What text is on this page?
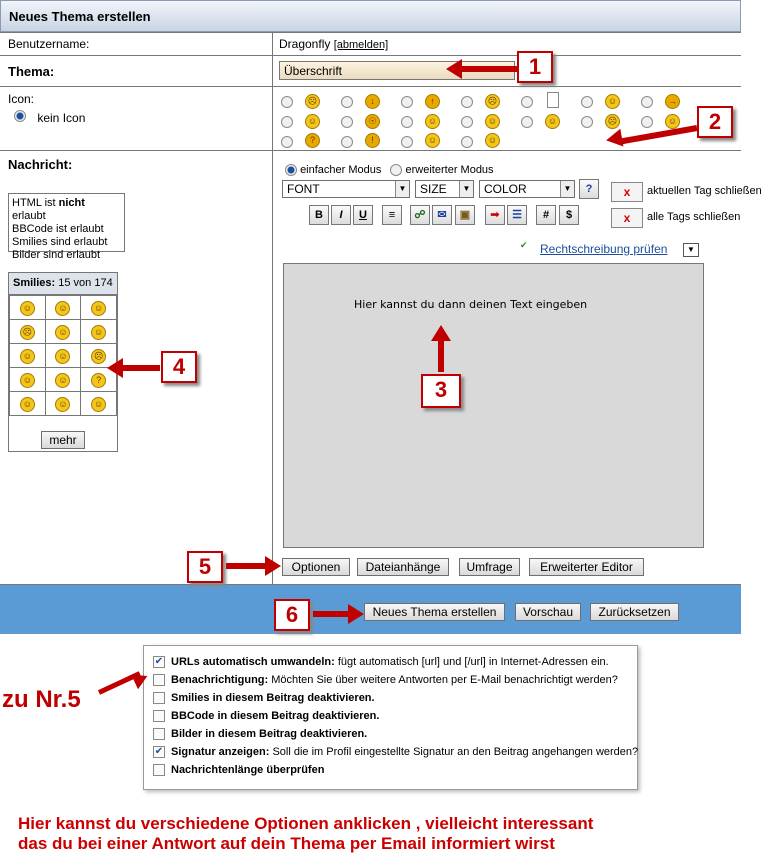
Neues Thema erstellen
Benutzername:	Dragonfly [abmelden]
Thema:	Überschrift
Icon:
kein Icon
☹	↓	↑	☹	☺	→
☺	☉	☺	☺	☺	☹	☺
?	!	☺	☺
Nachricht:
HTML ist nicht erlaubt
BBCode ist erlaubt
Smilies sind erlaubt
Bilder sind erlaubt
Smilies: 15 von 174
☺	☺	☺
☹	☺	☺
☺	☺	☹
☺	☺	?
☺	☺	☺
mehr
einfacher Modus erweiterter Modus
FONT	▼	SIZE	▼	COLOR	▼	?	x	aktuellen Tag schließen
x	alle Tags schließen
B	I	U	≡	☍	✉	▣	➟	☰	#	$
✔ Rechtschreibung prüfen	▼
Hier kannst du dann deinen Text eingeben
Optionen	Dateianhänge	Umfrage	Erweiterter Editor
Neues Thema erstellen	Vorschau	Zurücksetzen
✔ URLs automatisch umwandeln: fügt automatisch [url] und [/url] in Internet-Adressen ein.
Benachrichtigung: Möchten Sie über weitere Antworten per E-Mail benachrichtigt werden?
Smilies in diesem Beitrag deaktivieren.
BBCode in diesem Beitrag deaktivieren.
Bilder in diesem Beitrag deaktivieren.
✔ Signatur anzeigen: Soll die im Profil eingestellte Signatur an den Beitrag angehangen werden?
Nachrichtenlänge überprüfen
1
2
3
4
5
6
zu Nr.5
Hier kannst du verschiedene Optionen anklicken , vielleicht interessant
das du bei einer Antwort auf dein Thema per Email informiert wirst
